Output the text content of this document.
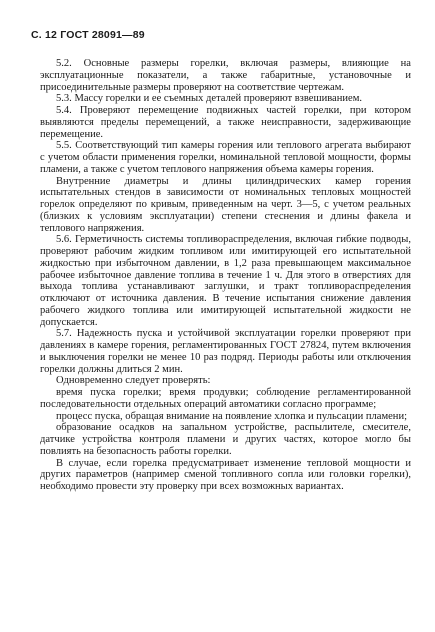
С. 12 ГОСТ 28091—89

5.2. Основные размеры горелки, включая размеры, влияющие на эксплуатационные показатели, а также габаритные, установочные и присоединительные размеры проверяют на соответствие чертежам.

5.3. Массу горелки и ее съемных деталей проверяют взвешиванием.

5.4. Проверяют перемещение подвижных частей горелки, при котором выявляются пределы перемещений, а также неисправности, задерживающие перемещение.

5.5. Соответствующий тип камеры горения или теплового агрегата выбирают с учетом области применения горелки, номинальной тепловой мощности, формы пламени, а также с учетом теплового напряжения объема камеры горения.

Внутренние диаметры и длины цилиндрических камер горения испытательных стендов в зависимости от номинальных тепловых мощностей горелок определяют по кривым, приведенным на черт. 3—5, с учетом реальных (близких к условиям эксплуатации) степени стеснения и длины факела и теплового напряжения.

5.6. Герметичность системы топливораспределения, включая гибкие подводы, проверяют рабочим жидким топливом или имитирующей его испытательной жидкостью при избыточном давлении, в 1,2 раза превышающем максимальное рабочее избыточное давление топлива в течение 1 ч. Для этого в отверстиях для выхода топлива устанавливают заглушки, и тракт топливораспределения отключают от источника давления. В течение испытания снижение давления рабочего жидкого топлива или имитирующей испытательной жидкости не допускается.

5.7. Надежность пуска и устойчивой эксплуатации горелки проверяют при давлениях в камере горения, регламентированных ГОСТ 27824, путем включения и выключения горелки не менее 10 раз подряд. Периоды работы или отключения горелки должны длиться 2 мин.

Одновременно следует проверять:

время пуска горелки; время продувки; соблюдение регламентированной последовательности отдельных операций автоматики согласно программе;

процесс пуска, обращая внимание на появление хлопка и пульсации пламени;

образование осадков на запальном устройстве, распылителе, смесителе, датчике устройства контроля пламени и других частях, которое могло бы повлиять на безопасность работы горелки.

В случае, если горелка предусматривает изменение тепловой мощности и других параметров (например сменой топливного сопла или головки горелки), необходимо провести эту проверку при всех возможных вариантах.
